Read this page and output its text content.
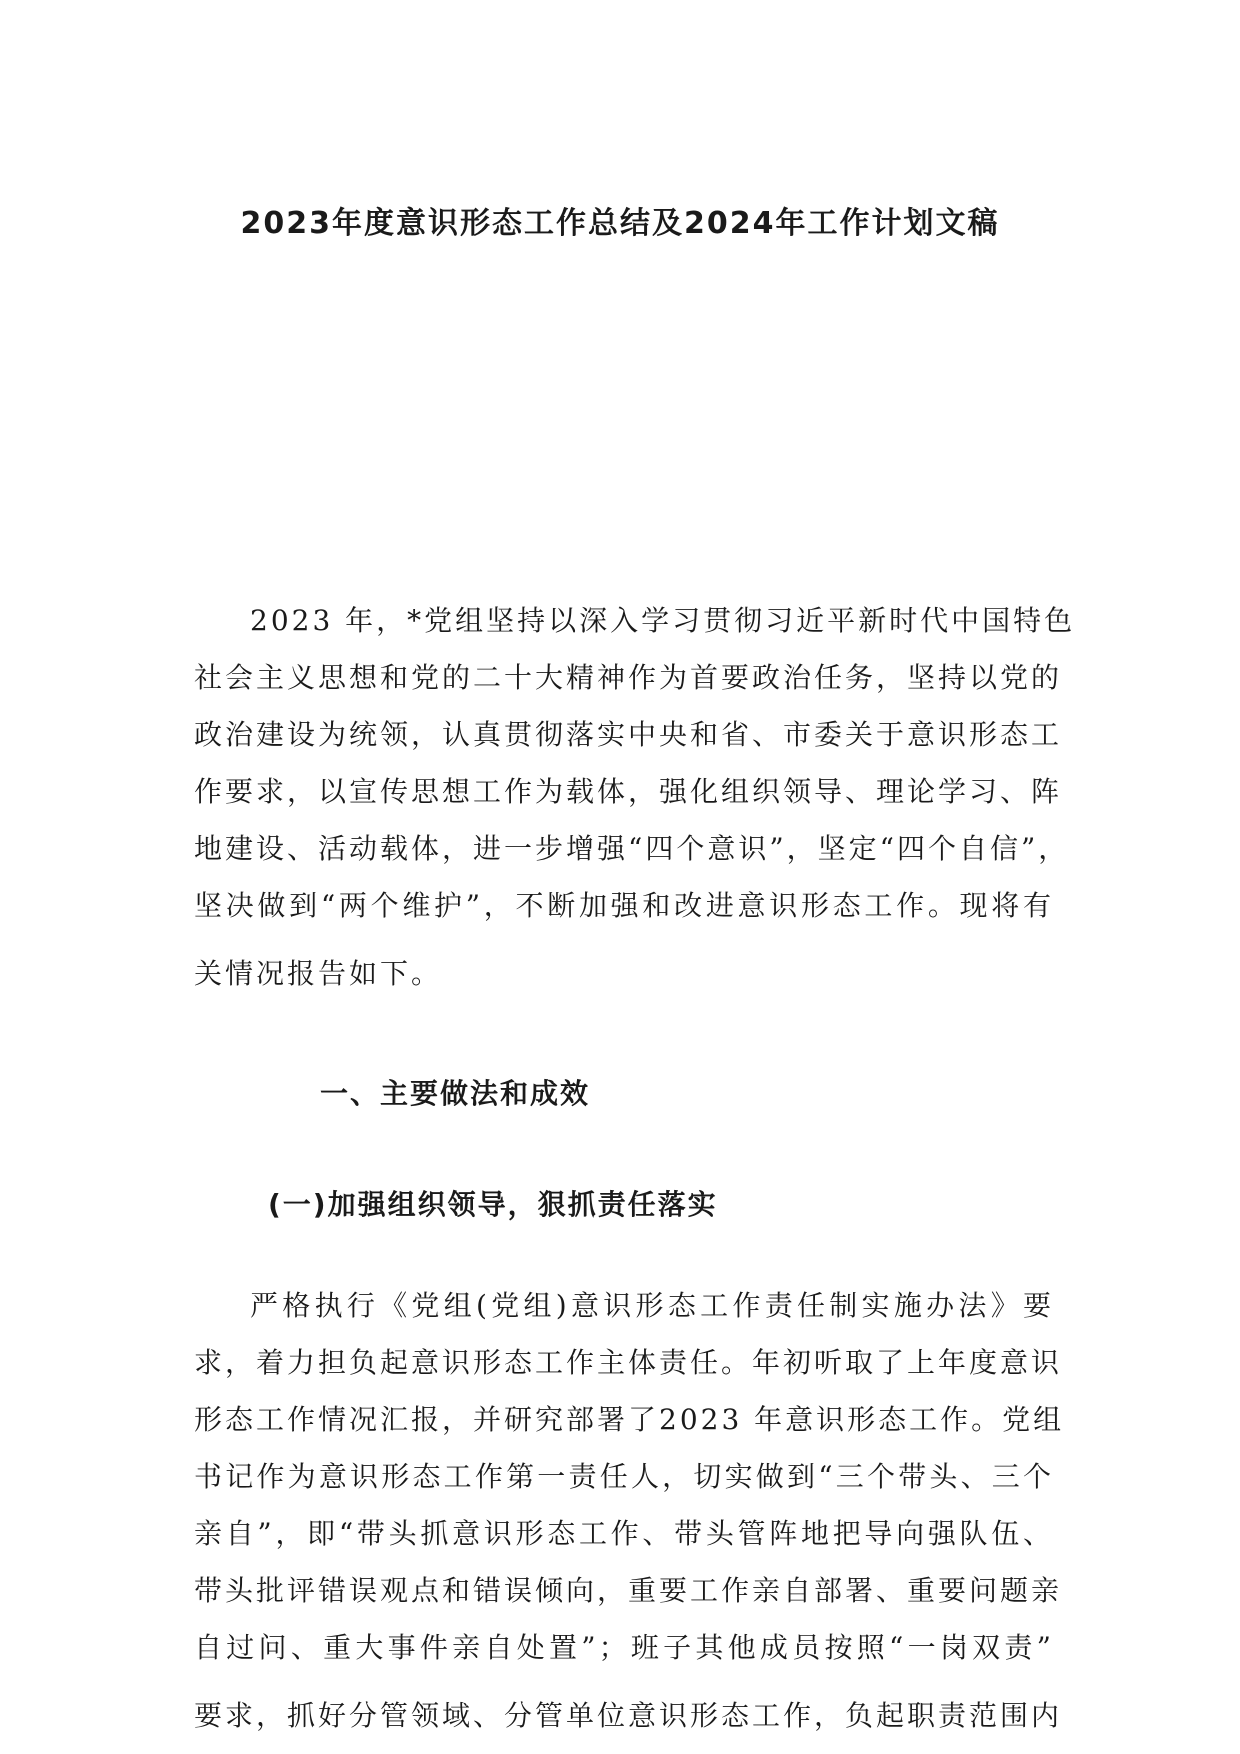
2023年度意识形态工作总结及2024年工作计划文稿
2023 年，*党组坚持以深入学习贯彻习近平新时代中国特色
社会主义思想和党的二十大精神作为首要政治任务，坚持以党的
政治建设为统领，认真贯彻落实中央和省、市委关于意识形态工
作要求，以宣传思想工作为载体，强化组织领导、理论学习、阵
地建设、活动载体，进一步增强“四个意识”，坚定“四个自信”，
坚决做到“两个维护”，不断加强和改进意识形态工作。现将有
关情况报告如下。
一、主要做法和成效
(一)加强组织领导，狠抓责任落实
严格执行《党组(党组)意识形态工作责任制实施办法》要
求，着力担负起意识形态工作主体责任。年初听取了上年度意识
形态工作情况汇报，并研究部署了2023 年意识形态工作。党组
书记作为意识形态工作第一责任人，切实做到“三个带头、三个
亲自”，即“带头抓意识形态工作、带头管阵地把导向强队伍、
带头批评错误观点和错误倾向，重要工作亲自部署、重要问题亲
自过问、重大事件亲自处置”；班子其他成员按照“一岗双责”
要求，抓好分管领域、分管单位意识形态工作，负起职责范围内
